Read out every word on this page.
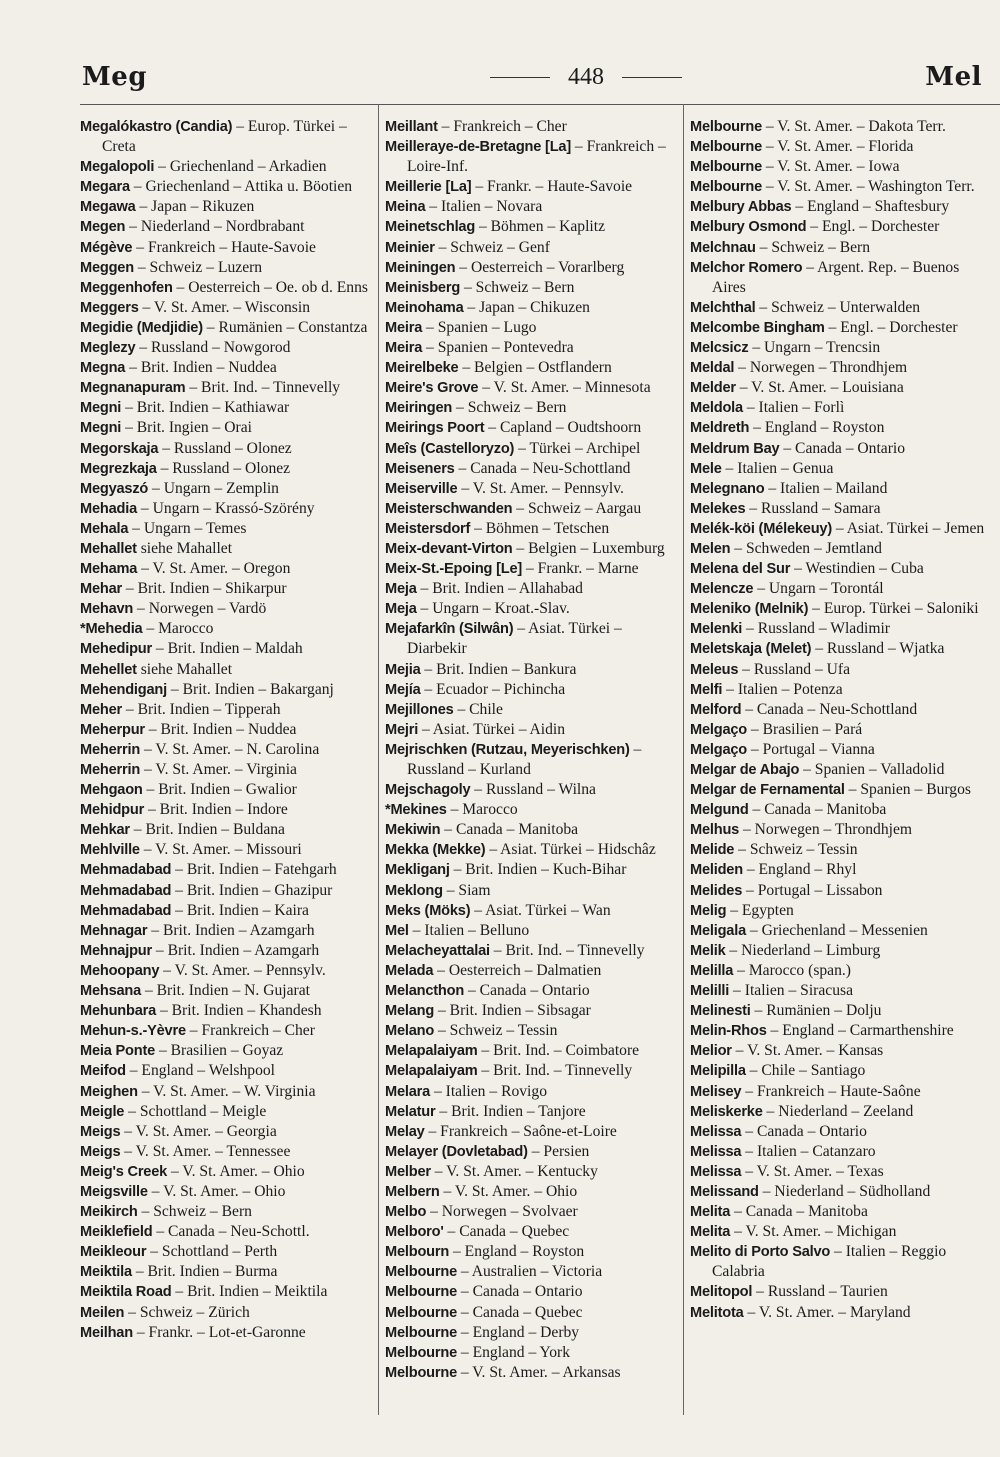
Meg	448	Mel
Megalókastro (Candia) – Europ. Türkei – Creta
Megalopoli – Griechenland – Arkadien
Megara – Griechenland – Attika u. Böotien
Megawa – Japan – Rikuzen
Megen – Niederland – Nordbrabant
Mégève – Frankreich – Haute-Savoie
Meggen – Schweiz – Luzern
Meggenhofen – Oesterreich – Oe. ob d. Enns
Meggers – V. St. Amer. – Wisconsin
Megidie (Medjidie) – Rumänien – Constantza
Meglezy – Russland – Nowgorod
Megna – Brit. Indien – Nuddea
Megnanapuram – Brit. Ind. – Tinnevelly
Megni – Brit. Indien – Kathiawar
Megni – Brit. Ingien – Orai
Megorskaja – Russland – Olonez
Megrezkaja – Russland – Olonez
Megyaszó – Ungarn – Zemplin
Mehadia – Ungarn – Krassó-Szörény
Mehala – Ungarn – Temes
Mehallet siehe Mahallet
Mehama – V. St. Amer. – Oregon
Mehar – Brit. Indien – Shikarpur
Mehavn – Norwegen – Vardö
*Mehedia – Marocco
Mehedipur – Brit. Indien – Maldah
Mehellet siehe Mahallet
Mehendiganj – Brit. Indien – Bakarganj
Meher – Brit. Indien – Tipperah
Meherpur – Brit. Indien – Nuddea
Meherrin – V. St. Amer. – N. Carolina
Meherrin – V. St. Amer. – Virginia
Mehgaon – Brit. Indien – Gwalior
Mehidpur – Brit. Indien – Indore
Mehkar – Brit. Indien – Buldana
Mehlville – V. St. Amer. – Missouri
Mehmadabad – Brit. Indien – Fatehgarh
Mehmadabad – Brit. Indien – Ghazipur
Mehmadabad – Brit. Indien – Kaira
Mehnagar – Brit. Indien – Azamgarh
Mehnajpur – Brit. Indien – Azamgarh
Mehoopany – V. St. Amer. – Pennsylv.
Mehsana – Brit. Indien – N. Gujarat
Mehunbara – Brit. Indien – Khandesh
Mehun-s.-Yèvre – Frankreich – Cher
Meia Ponte – Brasilien – Goyaz
Meifod – England – Welshpool
Meighen – V. St. Amer. – W. Virginia
Meigle – Schottland – Meigle
Meigs – V. St. Amer. – Georgia
Meigs – V. St. Amer. – Tennessee
Meig's Creek – V. St. Amer. – Ohio
Meigsville – V. St. Amer. – Ohio
Meikirch – Schweiz – Bern
Meiklefield – Canada – Neu-Schottl.
Meikleour – Schottland – Perth
Meiktila – Brit. Indien – Burma
Meiktila Road – Brit. Indien – Meiktila
Meilen – Schweiz – Zürich
Meilhan – Frankr. – Lot-et-Garonne
Meillant – Frankreich – Cher
Meilleraye-de-Bretagne [La] – Frankreich – Loire-Inf.
Meillerie [La] – Frankr. – Haute-Savoie
Meina – Italien – Novara
Meinetschlag – Böhmen – Kaplitz
Meinier – Schweiz – Genf
Meiningen – Oesterreich – Vorarlberg
Meinisberg – Schweiz – Bern
Meinohama – Japan – Chikuzen
Meira – Spanien – Lugo
Meira – Spanien – Pontevedra
Meirelbeke – Belgien – Ostflandern
Meire's Grove – V. St. Amer. – Minnesota
Meiringen – Schweiz – Bern
Meirings Poort – Capland – Oudtshoorn
Meîs (Castelloryzo) – Türkei – Archipel
Meiseners – Canada – Neu-Schottland
Meiserville – V. St. Amer. – Pennsylv.
Meisterschwanden – Schweiz – Aargau
Meistersdorf – Böhmen – Tetschen
Meix-devant-Virton – Belgien – Luxemburg
Meix-St.-Epoing [Le] – Frankr. – Marne
Meja – Brit. Indien – Allahabad
Meja – Ungarn – Kroat.-Slav.
Mejafarkîn (Silwân) – Asiat. Türkei – Diarbekir
Mejia – Brit. Indien – Bankura
Mejía – Ecuador – Pichincha
Mejillones – Chile
Mejri – Asiat. Türkei – Aidin
Mejrischken (Rutzau, Meyerischken) – Russland – Kurland
Mejschagoly – Russland – Wilna
*Mekines – Marocco
Mekiwin – Canada – Manitoba
Mekka (Mekke) – Asiat. Türkei – Hidschâz
Mekliganj – Brit. Indien – Kuch-Bihar
Meklong – Siam
Meks (Möks) – Asiat. Türkei – Wan
Mel – Italien – Belluno
Melacheyattalai – Brit. Ind. – Tinnevelly
Melada – Oesterreich – Dalmatien
Melancthon – Canada – Ontario
Melang – Brit. Indien – Sibsagar
Melano – Schweiz – Tessin
Melapalaiyam – Brit. Ind. – Coimbatore
Melapalaiyam – Brit. Ind. – Tinnevelly
Melara – Italien – Rovigo
Melatur – Brit. Indien – Tanjore
Melay – Frankreich – Saône-et-Loire
Melayer (Dovletabad) – Persien
Melber – V. St. Amer. – Kentucky
Melbern – V. St. Amer. – Ohio
Melbo – Norwegen – Svolvaer
Melboro' – Canada – Quebec
Melbourn – England – Royston
Melbourne – Australien – Victoria
Melbourne – Canada – Ontario
Melbourne – Canada – Quebec
Melbourne – England – Derby
Melbourne – England – York
Melbourne – V. St. Amer. – Arkansas
Melbourne – V. St. Amer. – Dakota Terr.
Melbourne – V. St. Amer. – Florida
Melbourne – V. St. Amer. – Iowa
Melbourne – V. St. Amer. – Washington Terr.
Melbury Abbas – England – Shaftesbury
Melbury Osmond – Engl. – Dorchester
Melchnau – Schweiz – Bern
Melchor Romero – Argent. Rep. – Buenos Aires
Melchthal – Schweiz – Unterwalden
Melcombe Bingham – Engl. – Dorchester
Melcsicz – Ungarn – Trencsin
Meldal – Norwegen – Throndhjem
Melder – V. St. Amer. – Louisiana
Meldola – Italien – Forlì
Meldreth – England – Royston
Meldrum Bay – Canada – Ontario
Mele – Italien – Genua
Melegnano – Italien – Mailand
Melekes – Russland – Samara
Melék-köi (Mélekeuy) – Asiat. Türkei – Jemen
Melen – Schweden – Jemtland
Melena del Sur – Westindien – Cuba
Melencze – Ungarn – Torontál
Meleniko (Melnik) – Europ. Türkei – Saloniki
Melenki – Russland – Wladimir
Meletskaja (Melet) – Russland – Wjatka
Meleus – Russland – Ufa
Melfi – Italien – Potenza
Melford – Canada – Neu-Schottland
Melgaço – Brasilien – Pará
Melgaço – Portugal – Vianna
Melgar de Abajo – Spanien – Valladolid
Melgar de Fernamental – Spanien – Burgos
Melgund – Canada – Manitoba
Melhus – Norwegen – Throndhjem
Melide – Schweiz – Tessin
Meliden – England – Rhyl
Melides – Portugal – Lissabon
Melig – Egypten
Meligala – Griechenland – Messenien
Melik – Niederland – Limburg
Melilla – Marocco (span.)
Melilli – Italien – Siracusa
Melinesti – Rumänien – Dolju
Melin-Rhos – England – Carmarthenshire
Melior – V. St. Amer. – Kansas
Melipilla – Chile – Santiago
Melisey – Frankreich – Haute-Saône
Meliskerke – Niederland – Zeeland
Melissa – Canada – Ontario
Melissa – Italien – Catanzaro
Melissa – V. St. Amer. – Texas
Melissand – Niederland – Südholland
Melita – Canada – Manitoba
Melita – V. St. Amer. – Michigan
Melito di Porto Salvo – Italien – Reggio Calabria
Melitopol – Russland – Taurien
Melitota – V. St. Amer. – Maryland
